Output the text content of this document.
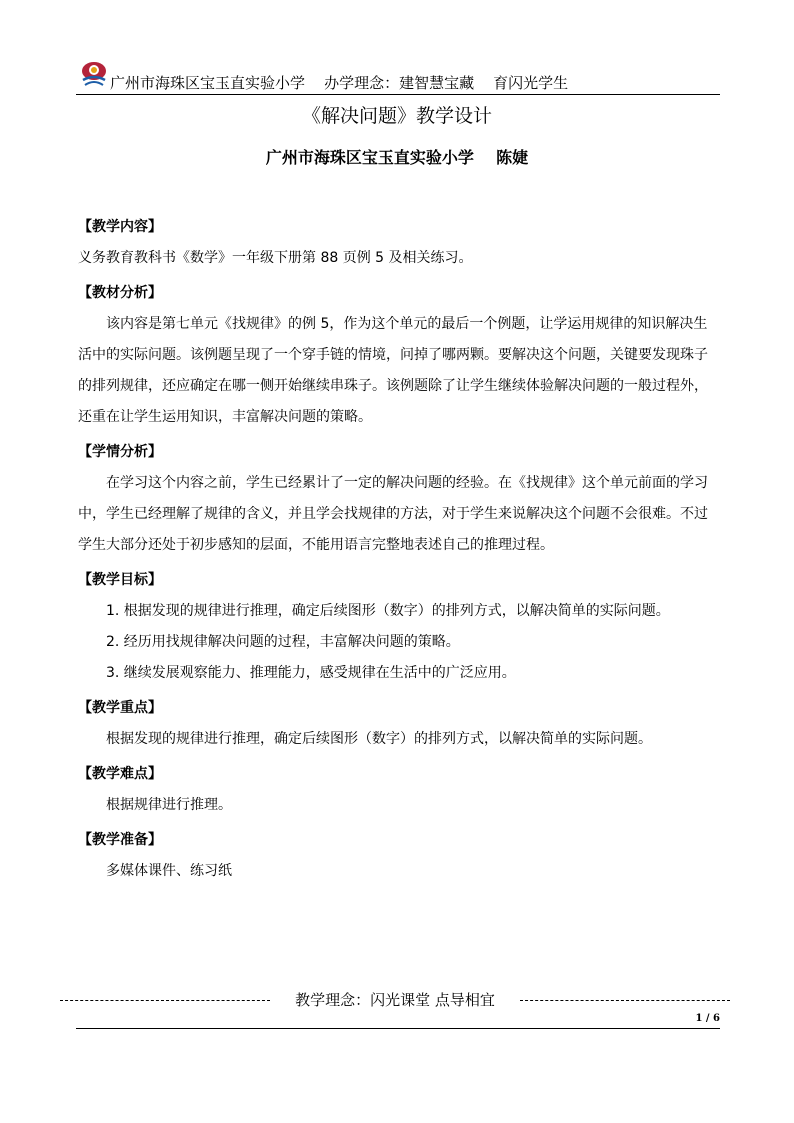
广州市海珠区宝玉直实验小学    办学理念：建智慧宝藏    育闪光学生
《解决问题》教学设计
广州市海珠区宝玉直实验小学    陈婕
【教学内容】

义务教育教科书《数学》一年级下册第 88 页例 5 及相关练习。

【教材分析】

该内容是第七单元《找规律》的例 5，作为这个单元的最后一个例题，让学运用规律的知识解决生活中的实际问题。该例题呈现了一个穿手链的情境，问掉了哪两颗。要解决这个问题，关键要发现珠子的排列规律，还应确定在哪一侧开始继续串珠子。该例题除了让学生继续体验解决问题的一般过程外，还重在让学生运用知识，丰富解决问题的策略。

【学情分析】

在学习这个内容之前，学生已经累计了一定的解决问题的经验。在《找规律》这个单元前面的学习中，学生已经理解了规律的含义，并且学会找规律的方法，对于学生来说解决这个问题不会很难。不过学生大部分还处于初步感知的层面，不能用语言完整地表述自己的推理过程。

【教学目标】

1. 根据发现的规律进行推理，确定后续图形（数字）的排列方式，以解决简单的实际问题。

2. 经历用找规律解决问题的过程，丰富解决问题的策略。

3. 继续发展观察能力、推理能力，感受规律在生活中的广泛应用。

【教学重点】

根据发现的规律进行推理，确定后续图形（数字）的排列方式，以解决简单的实际问题。

【教学难点】

根据规律进行推理。

【教学准备】

多媒体课件、练习纸

教学理念：闪光课堂 点导相宜
1 / 6
